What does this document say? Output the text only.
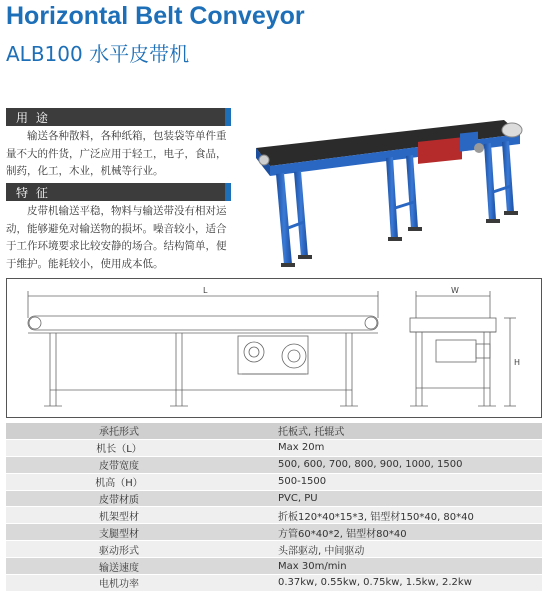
Horizontal Belt Conveyor
ALB100 水平皮带机
用 途

输送各种散料，各种纸箱，包装袋等单件重

量不大的件货，广泛应用于轻工，电子，食品，
制药，化工，木业，机械等行业。
特 征

皮带机输送平稳，物料与输送带没有相对运

动，能够避免对输送物的损坏。噪音较小，适合
于工作环境要求比较安静的场合。结构简单，便
于维护。能耗较小，使用成本低。
L	W
H
承托形式	托板式, 托辊式
机长（L）	Max 20m
皮带宽度	500, 600, 700, 800, 900, 1000, 1500
机高（H）	500-1500
皮带材质	PVC, PU
机架型材	折板120*40*15*3, 铝型材150*40, 80*40
支腿型材	方管60*40*2, 铝型材80*40
驱动形式	头部驱动, 中间驱动
输送速度	Max 30m/min
电机功率	0.37kw, 0.55kw, 0.75kw, 1.5kw, 2.2kw
